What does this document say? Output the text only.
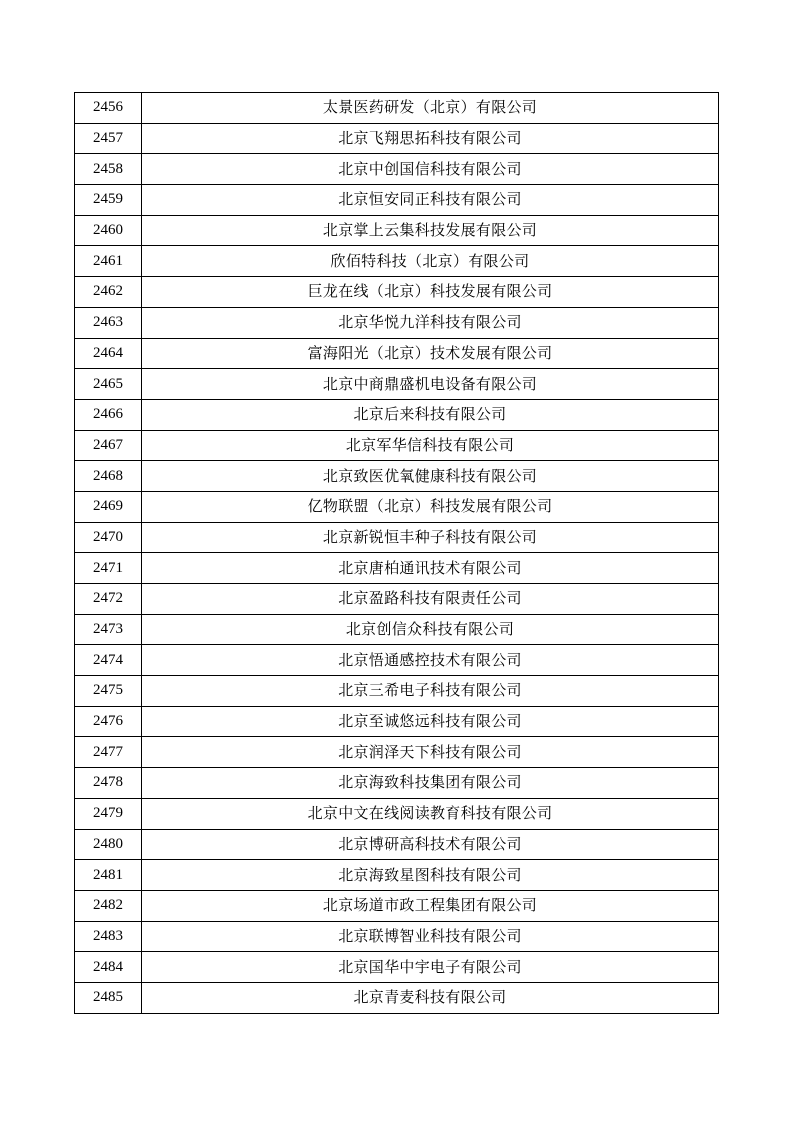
2456	太景医药研发（北京）有限公司
2457	北京飞翔思拓科技有限公司
2458	北京中创国信科技有限公司
2459	北京恒安同正科技有限公司
2460	北京掌上云集科技发展有限公司
2461	欣佰特科技（北京）有限公司
2462	巨龙在线（北京）科技发展有限公司
2463	北京华悦九洋科技有限公司
2464	富海阳光（北京）技术发展有限公司
2465	北京中商鼎盛机电设备有限公司
2466	北京后来科技有限公司
2467	北京军华信科技有限公司
2468	北京致医优氧健康科技有限公司
2469	亿物联盟（北京）科技发展有限公司
2470	北京新锐恒丰种子科技有限公司
2471	北京唐柏通讯技术有限公司
2472	北京盈路科技有限责任公司
2473	北京创信众科技有限公司
2474	北京悟通感控技术有限公司
2475	北京三希电子科技有限公司
2476	北京至诚悠远科技有限公司
2477	北京润泽天下科技有限公司
2478	北京海致科技集团有限公司
2479	北京中文在线阅读教育科技有限公司
2480	北京博研高科技术有限公司
2481	北京海致星图科技有限公司
2482	北京场道市政工程集团有限公司
2483	北京联博智业科技有限公司
2484	北京国华中宇电子有限公司
2485	北京青麦科技有限公司
